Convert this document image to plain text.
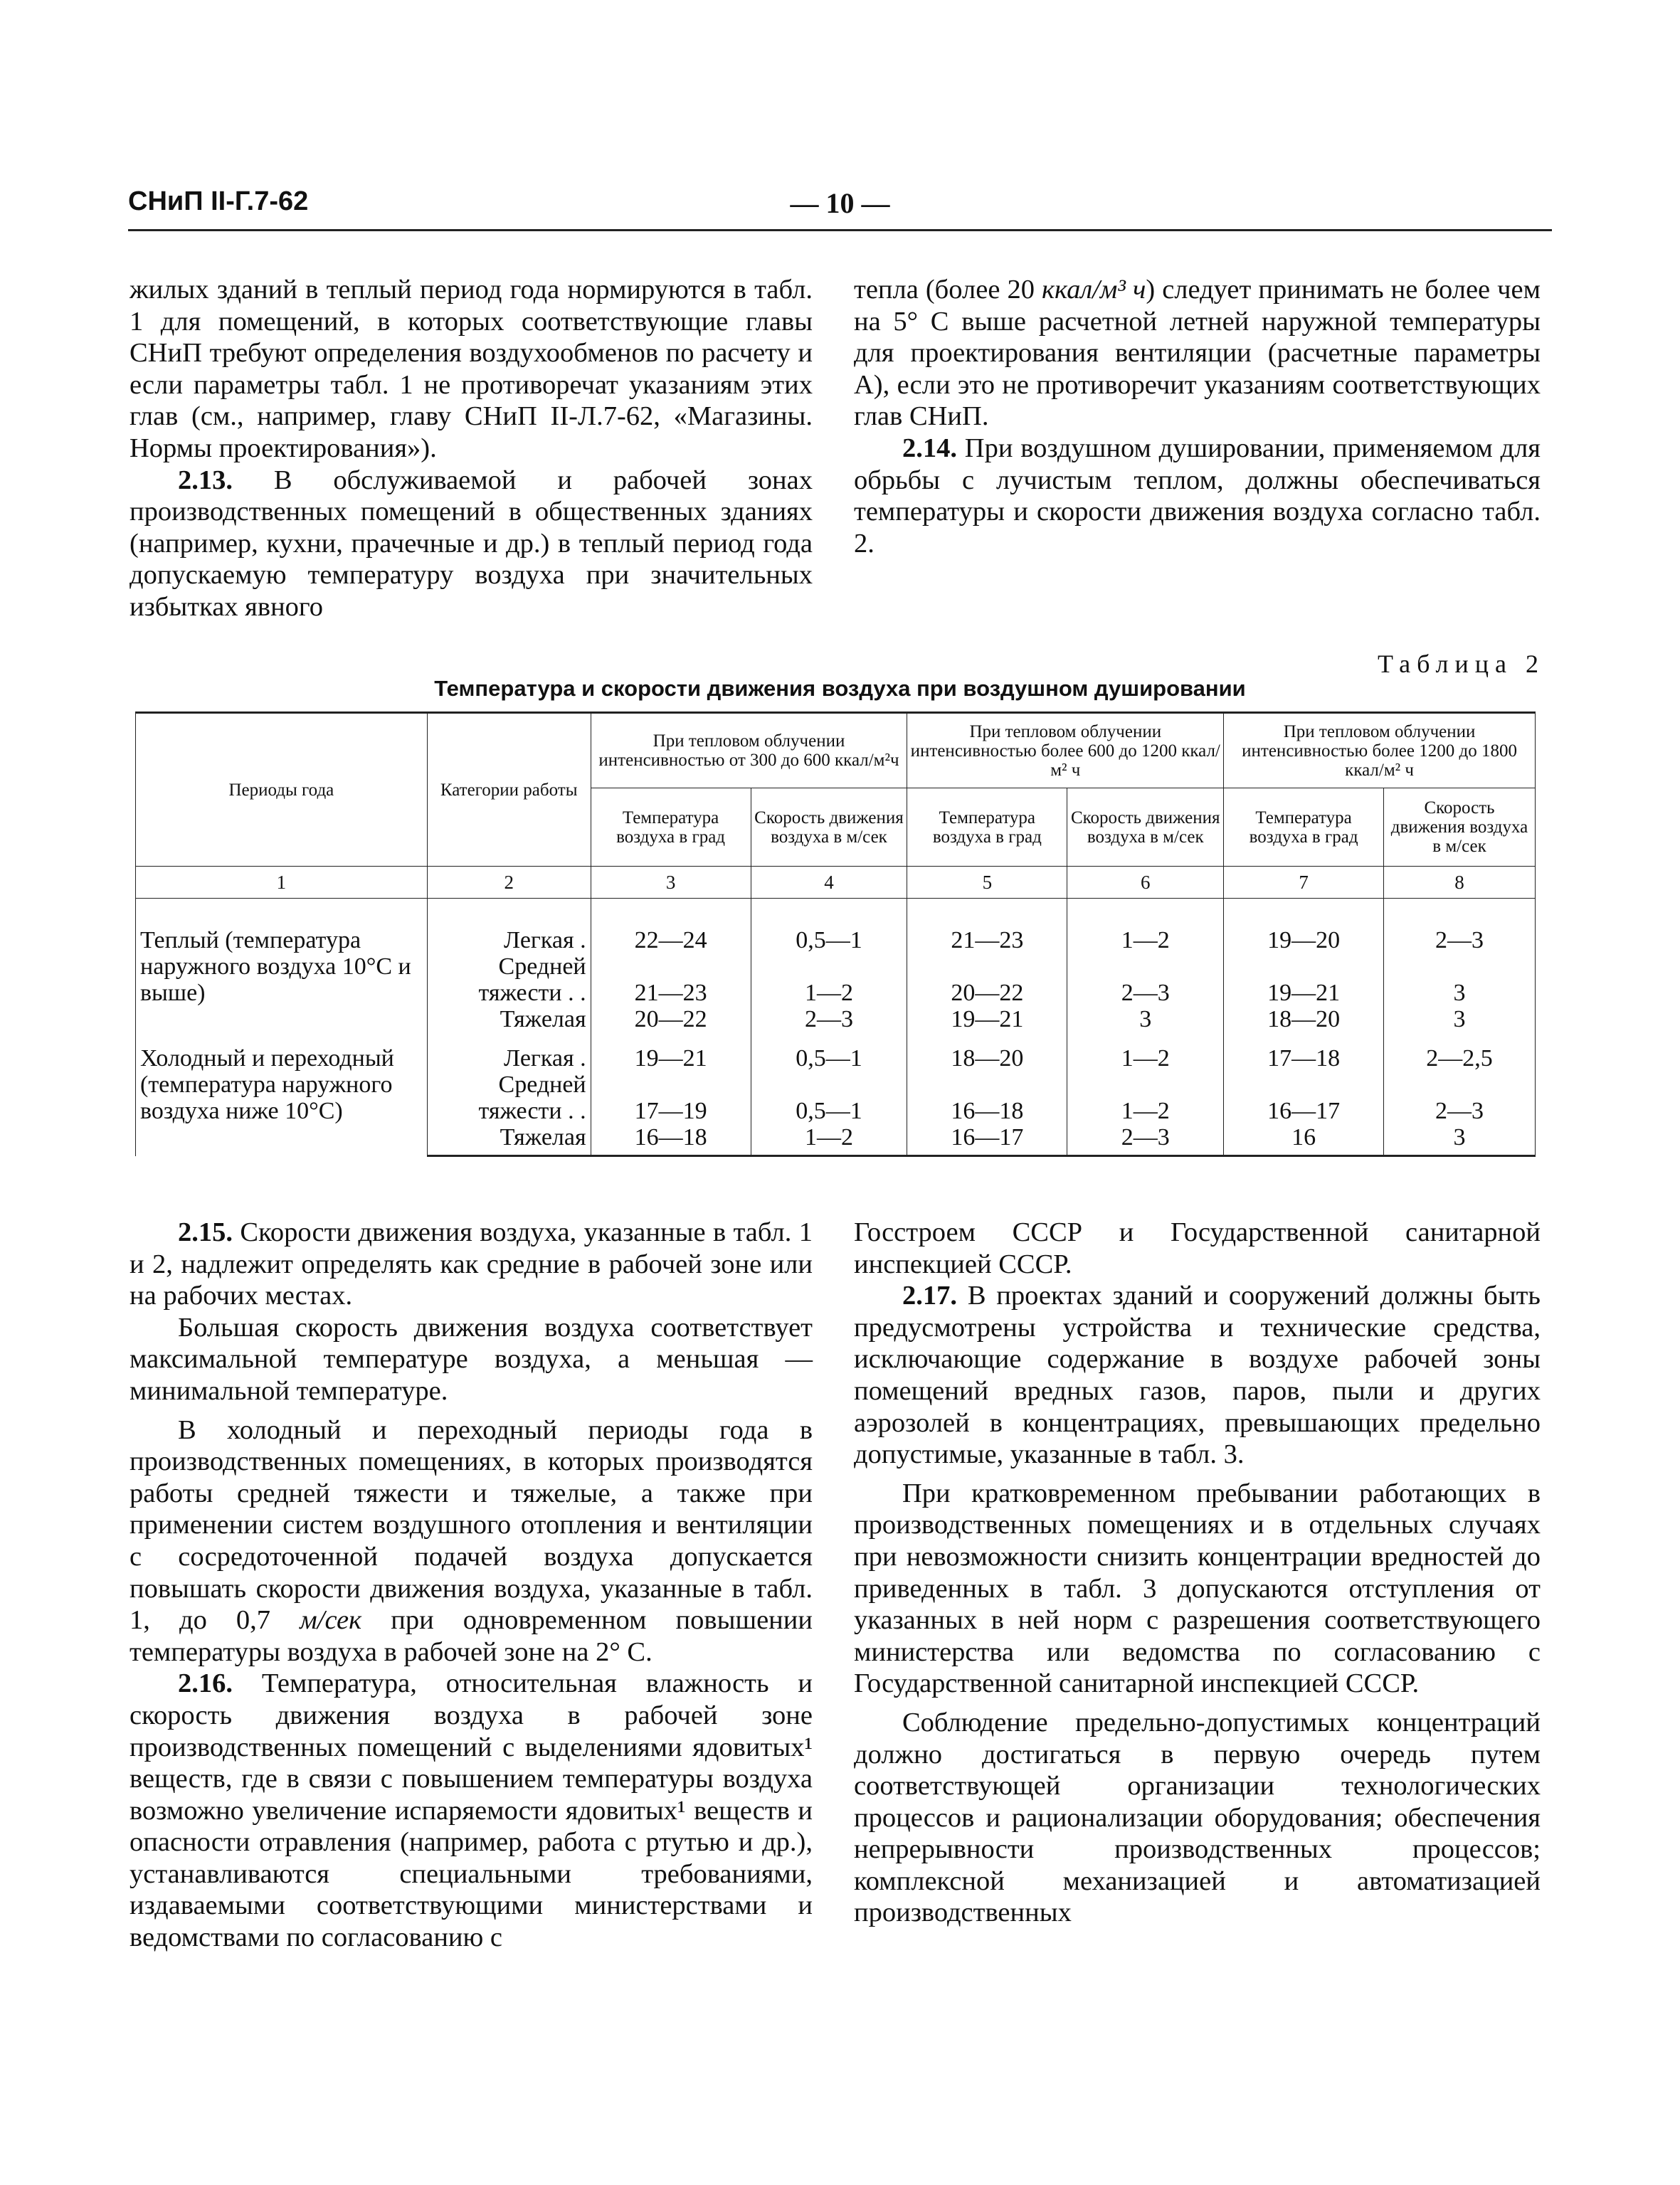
СНиП II-Г.7-62	— 10 —

жилых зданий в теплый период года нормируются в табл. 1 для помещений, в которых соответствующие главы СНиП требуют определения воздухообменов по расчету и если параметры табл. 1 не противоречат указаниям этих глав (см., например, главу СНиП II-Л.7-62, «Магазины. Нормы проектирования»).

2.13. В обслуживаемой и рабочей зонах производственных помещений в общественных зданиях (например, кухни, прачечные и др.) в теплый период года допускаемую температуру воздуха при значительных избытках явного

тепла (более 20 ккал/м³ ч) следует принимать не более чем на 5° С выше расчетной летней наружной температуры для проектирования вентиляции (расчетные параметры А), если это не противоречит указаниям соответствующих глав СНиП.

2.14. При воздушном душировании, применяемом для обрьбы с лучистым теплом, должны обеспечиваться температуры и скорости движения воздуха согласно табл. 2.

Таблица 2
Температура и скорости движения воздуха при воздушном душировании
Периоды года	Категории работы	При тепловом облучении интенсивностью от 300 до 600 ккал/м²ч		При тепловом облучении интенсивностью более 600 до 1200 ккал/м² ч		При тепловом облучении интенсивностью более 1200 до 1800 ккал/м² ч	
		Температура воздуха в град	Скорость движения воздуха в м/сек	Температура воздуха в град	Скорость движения воздуха в м/сек	Температура воздуха в град	Скорость движения воздуха в м/сек
1	2	3	4	5	6	7	8
Теплый (температура наружного воздуха 10°С и выше)	Легкая .	22—24	0,5—1	21—23	1—2	19—20	2—3
	Средней тяжести . .	21—23	1—2	20—22	2—3	19—21	3
	Тяжелая	20—22	2—3	19—21	3	18—20	3
Холодный и переходный (температура наружного воздуха ниже 10°С)	Легкая .	19—21	0,5—1	18—20	1—2	17—18	2—2,5
	Средней тяжести . .	17—19	0,5—1	16—18	1—2	16—17	2—3
	Тяжелая	16—18	1—2	16—17	2—3	16	3

2.15. Скорости движения воздуха, указанные в табл. 1 и 2, надлежит определять как средние в рабочей зоне или на рабочих местах.

Большая скорость движения воздуха соответствует максимальной температуре воздуха, а меньшая — минимальной температуре.

В холодный и переходный периоды года в производственных помещениях, в которых производятся работы средней тяжести и тяжелые, а также при применении систем воздушного отопления и вентиляции с сосредоточенной подачей воздуха допускается повышать скорости движения воздуха, указанные в табл. 1, до 0,7 м/сек при одновременном повышении температуры воздуха в рабочей зоне на 2° С.

2.16. Температура, относительная влажность и скорость движения воздуха в рабочей зоне производственных помещений с выделениями ядовитых¹ веществ, где в связи с повышением температуры воздуха возможно увеличение испаряемости ядовитых¹ веществ и опасности отравления (например, работа с ртутью и др.), устанавливаются специальными требованиями, издаваемыми соответствующими министерствами и ведомствами по согласованию с

Госстроем СССР и Государственной санитарной инспекцией СССР.

2.17. В проектах зданий и сооружений должны быть предусмотрены устройства и технические средства, исключающие содержание в воздухе рабочей зоны помещений вредных газов, паров, пыли и других аэрозолей в концентрациях, превышающих предельно допустимые, указанные в табл. 3.

При кратковременном пребывании работающих в производственных помещениях и в отдельных случаях при невозможности снизить концентрации вредностей до приведенных в табл. 3 допускаются отступления от указанных в ней норм с разрешения соответствующего министерства или ведомства по согласованию с Государственной санитарной инспекцией СССР.

Соблюдение предельно-допустимых концентраций должно достигаться в первую очередь путем соответствующей организации технологических процессов и рационализации оборудования; обеспечения непрерывности производственных процессов; комплексной механизацией и автоматизацией производственных
